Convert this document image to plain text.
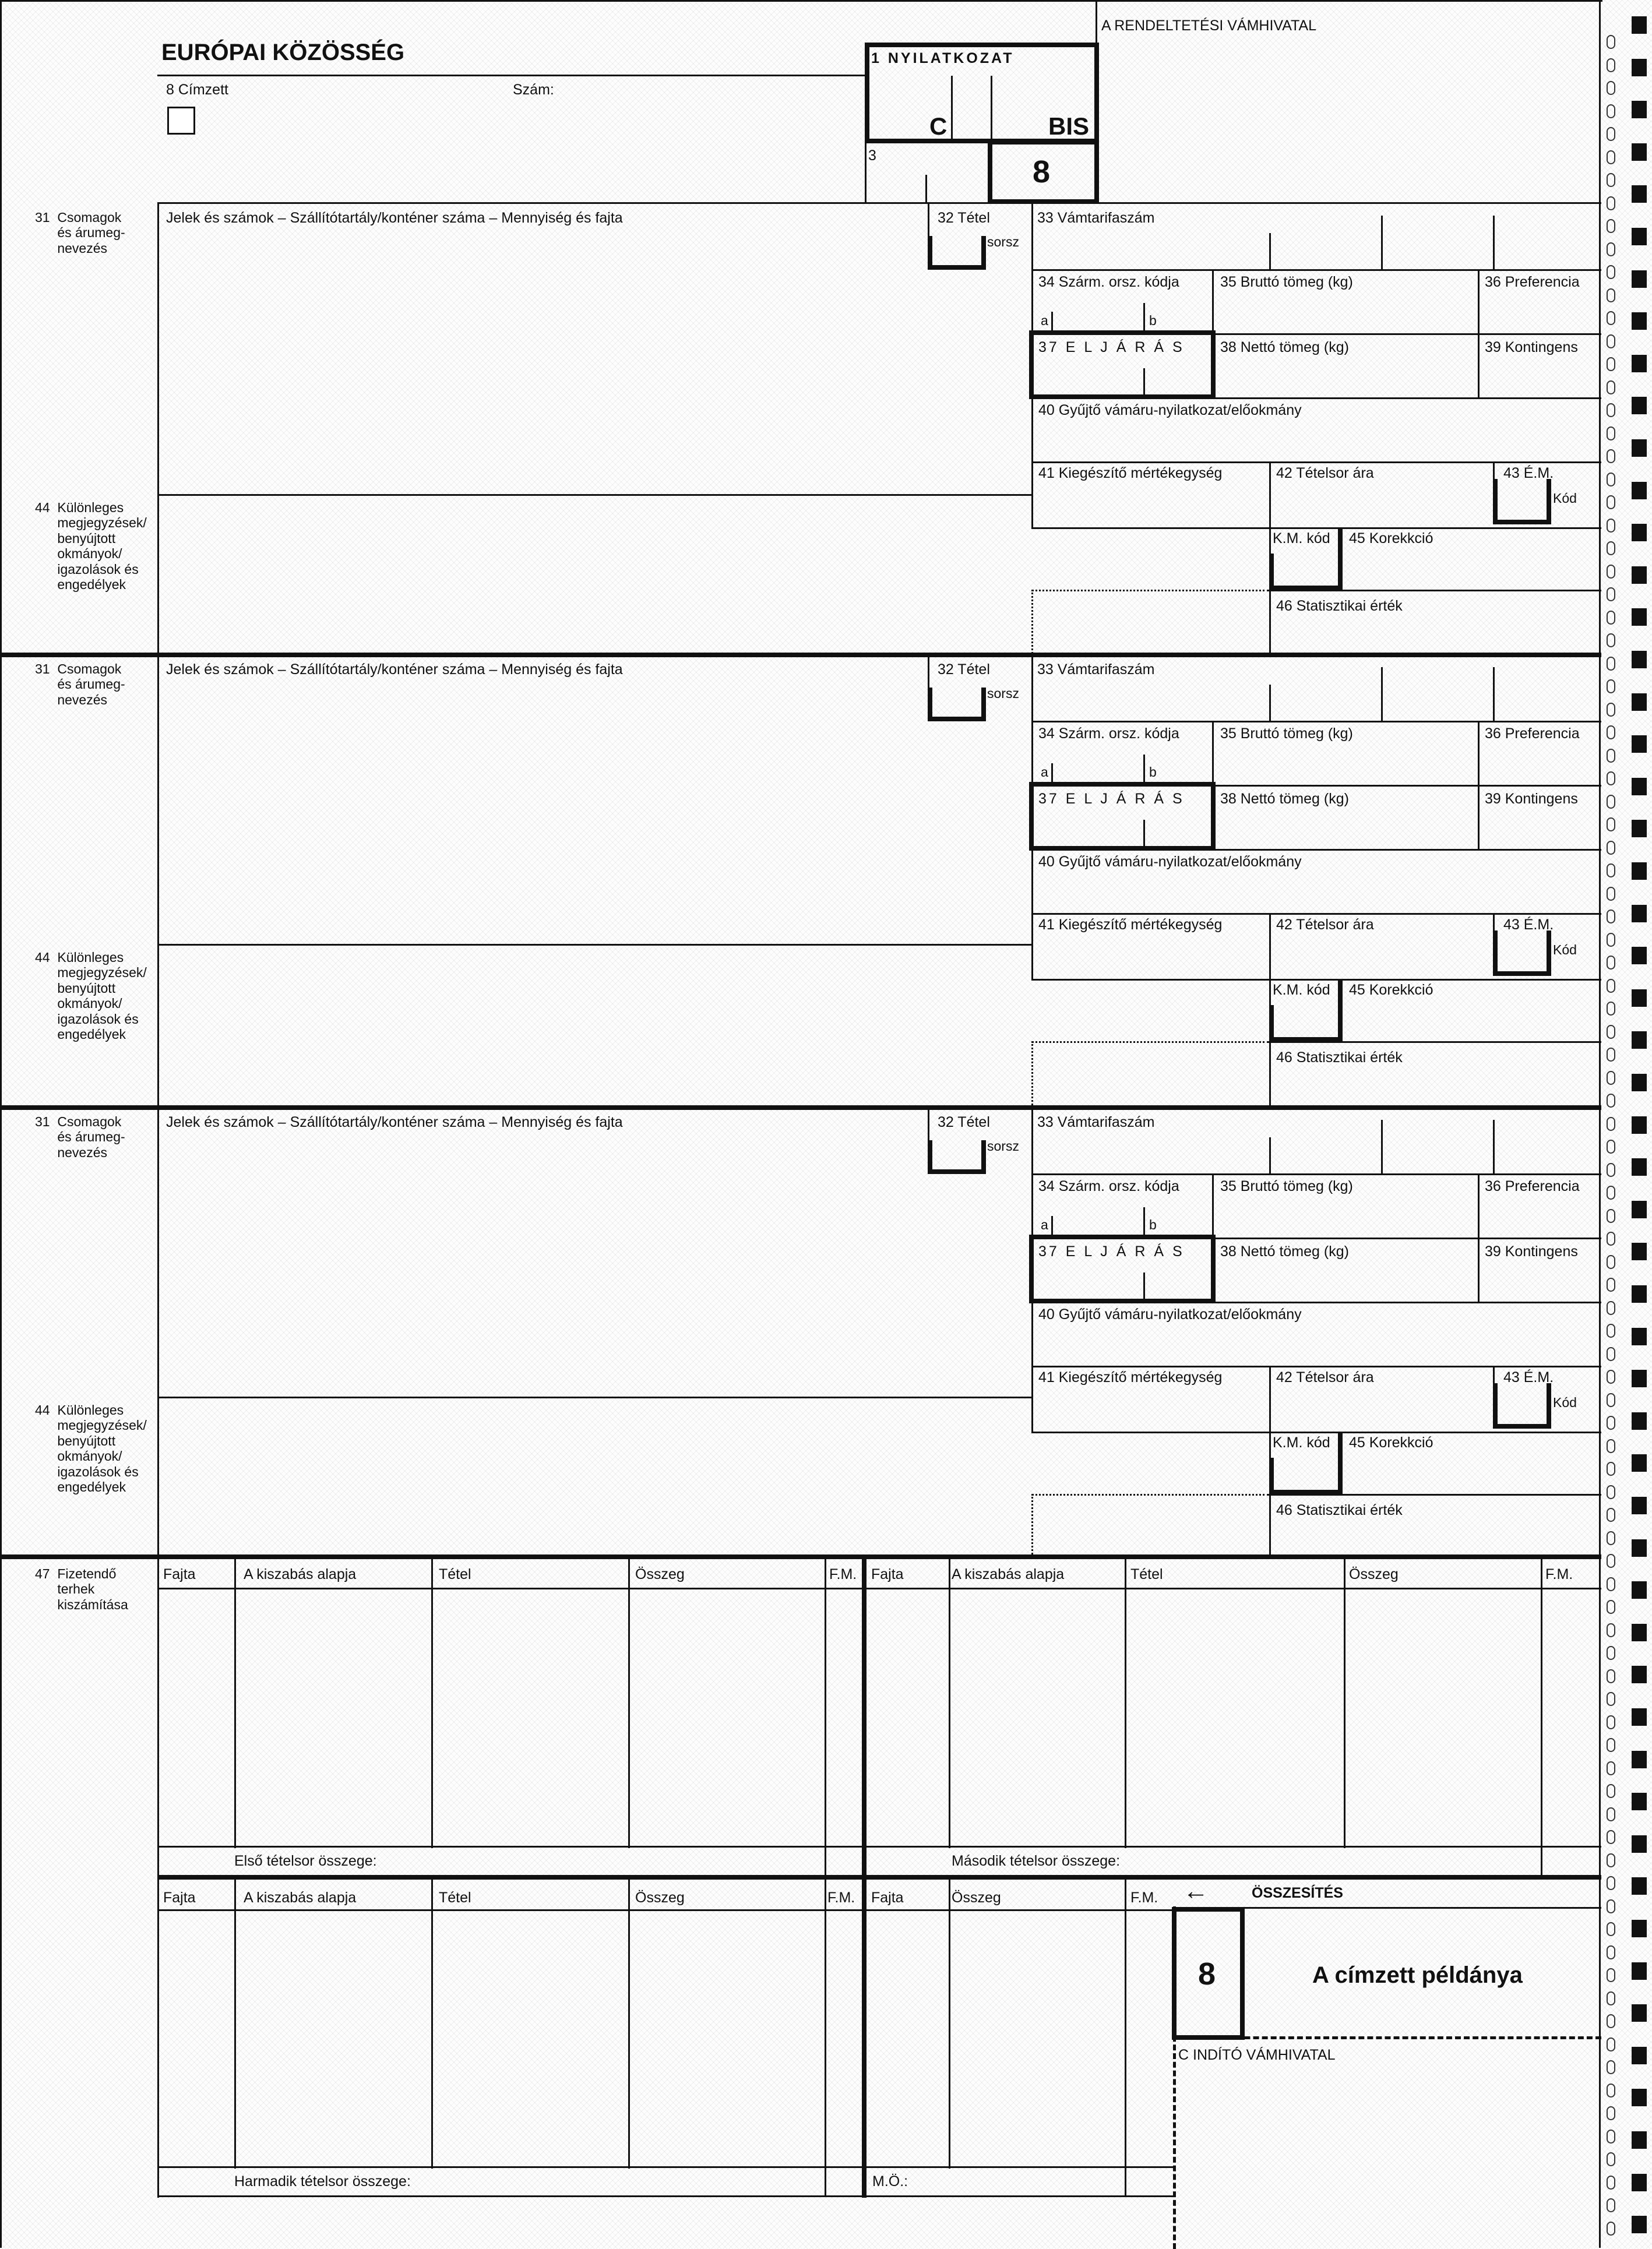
EURÓPAI KÖZÖSSÉG
8 Címzett	Szám:
A RENDELTETÉSI VÁMHIVATAL
1 NYILATKOZAT
C	BIS
3	8
31  Csomagok
és árumeg-
nevezés
Jelek és számok – Szállítótartály/konténer száma – Mennyiség és fajta	32 Tétel
sorsz
33 Vámtarifaszám
34 Szárm. orsz. kódja	35 Bruttó tömeg (kg)	36 Preferencia
a	b
37 E L J Á R Á S 38 Nettó tömeg (kg)	39 Kontingens
40 Gyűjtő vámáru-nyilatkozat/előokmány
41 Kiegészítő mértékegység	42 Tételsor ára	43 É.M.
Kód
44  Különleges
megjegyzések/
benyújtott
okmányok/
igazolások és
engedélyek
K.M. kód 45 Korekkció
46 Statisztikai érték
31  Csomagok
és árumeg-
nevezés
Jelek és számok – Szállítótartály/konténer száma – Mennyiség és fajta	32 Tétel
sorsz
33 Vámtarifaszám
34 Szárm. orsz. kódja	35 Bruttó tömeg (kg)	36 Preferencia
a	b
37 E L J Á R Á S 38 Nettó tömeg (kg)	39 Kontingens
40 Gyűjtő vámáru-nyilatkozat/előokmány
41 Kiegészítő mértékegység	42 Tételsor ára	43 É.M.
Kód
44  Különleges
megjegyzések/
benyújtott
okmányok/
igazolások és
engedélyek
K.M. kód 45 Korekkció
46 Statisztikai érték
31  Csomagok
és árumeg-
nevezés
Jelek és számok – Szállítótartály/konténer száma – Mennyiség és fajta	32 Tétel
sorsz
33 Vámtarifaszám
34 Szárm. orsz. kódja	35 Bruttó tömeg (kg)	36 Preferencia
a	b
37 E L J Á R Á S 38 Nettó tömeg (kg)	39 Kontingens
40 Gyűjtő vámáru-nyilatkozat/előokmány
41 Kiegészítő mértékegység	42 Tételsor ára	43 É.M.
Kód
44  Különleges
megjegyzések/
benyújtott
okmányok/
igazolások és
engedélyek
K.M. kód 45 Korekkció
46 Statisztikai érték
47  Fizetendő
terhek
kiszámítása
Fajta	A kiszabás alapja	Tétel	Összeg	F.M. Fajta	A kiszabás alapja	Tétel	Összeg	F.M.
Első tételsor összege:	Második tételsor összege:
Fajta	A kiszabás alapja	Tétel	Összeg	F.M. Fajta	Összeg	F.M.
Harmadik tételsor összege:	M.Ö.:
←	ÖSSZESÍTÉS
8	A címzett példánya
C INDÍTÓ VÁMHIVATAL
